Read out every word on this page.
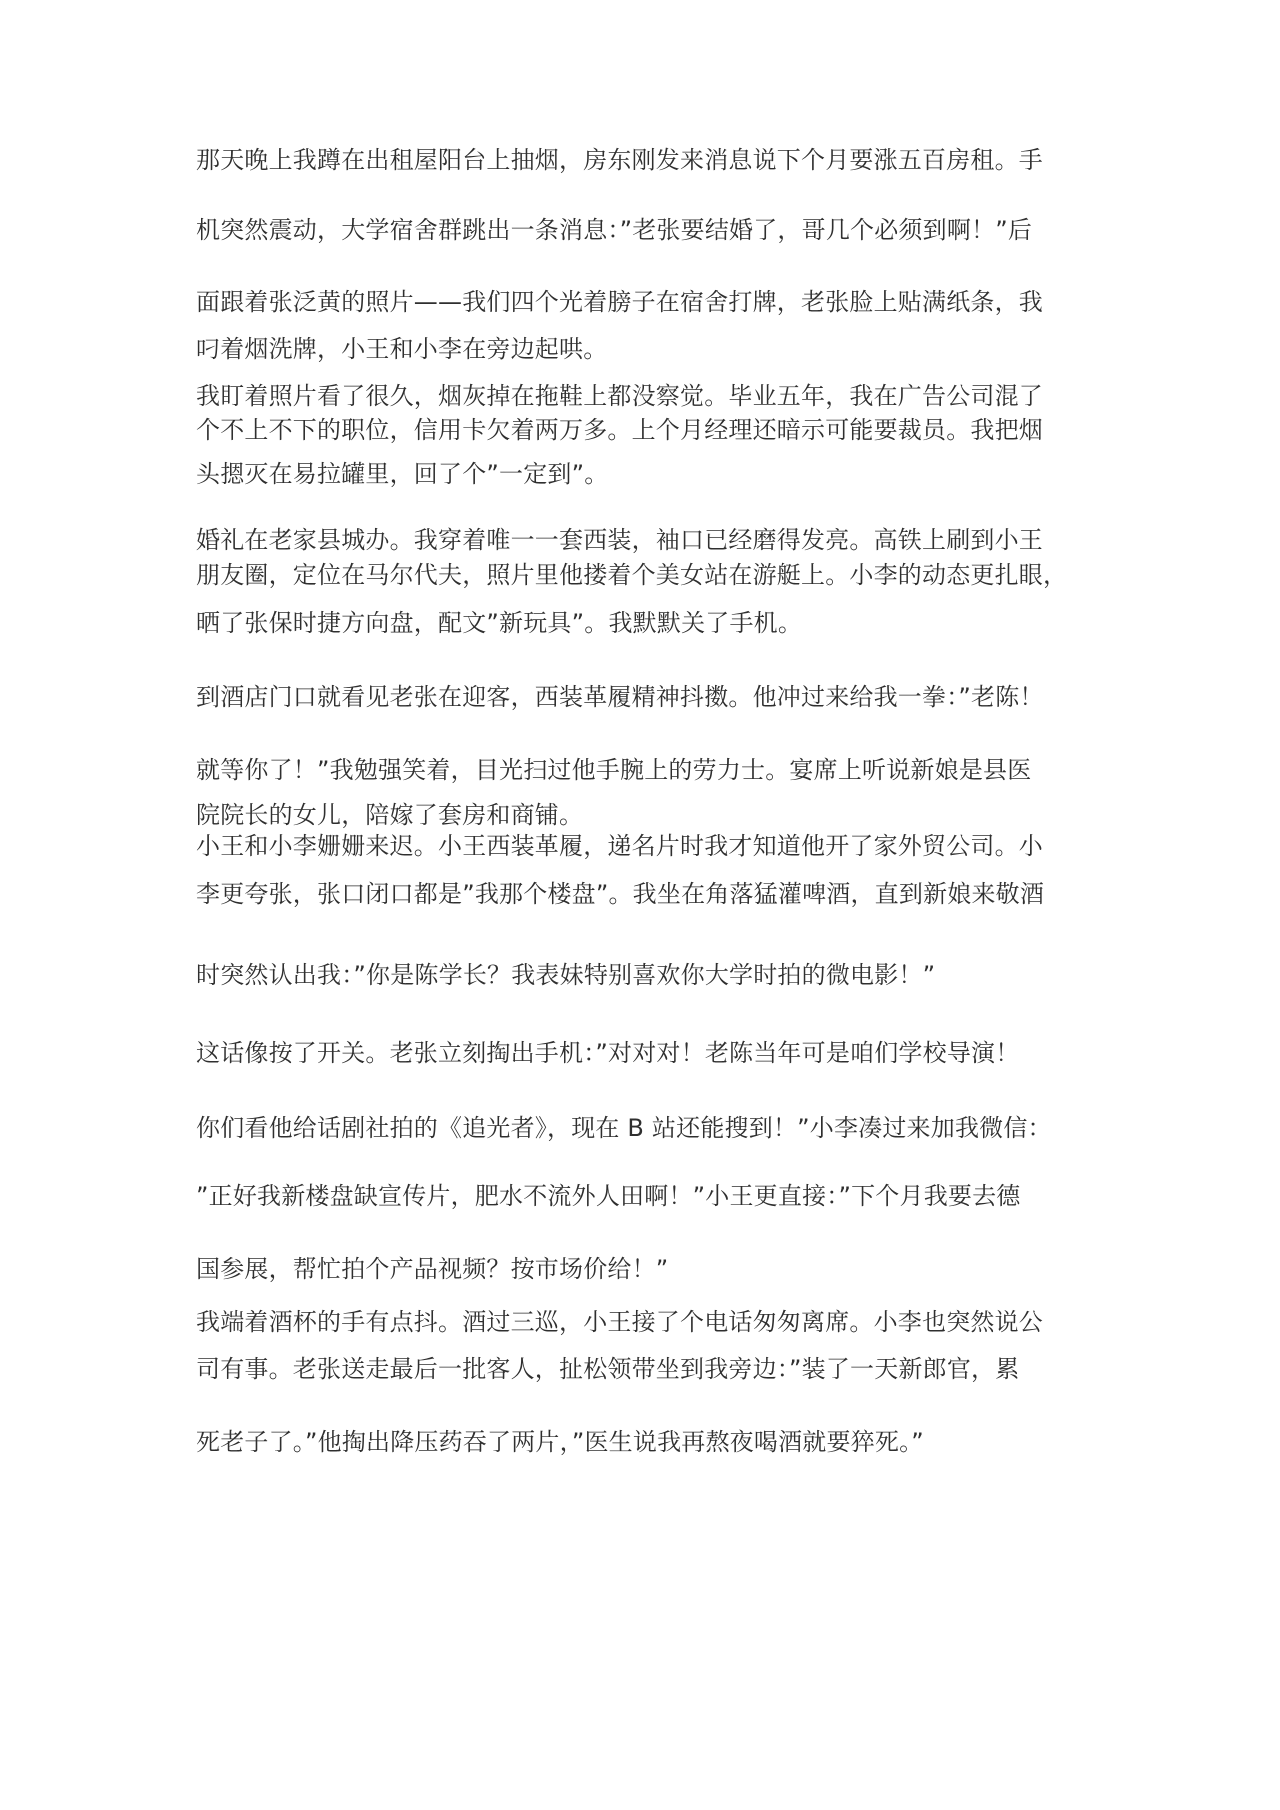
那天晚上我蹲在出租屋阳台上抽烟，房东刚发来消息说下个月要涨五百房租。手
机突然震动，大学宿舍群跳出一条消息：”老张要结婚了，哥几个必须到啊！”后
面跟着张泛黄的照片——我们四个光着膀子在宿舍打牌，老张脸上贴满纸条，我
叼着烟洗牌，小王和小李在旁边起哄。
我盯着照片看了很久，烟灰掉在拖鞋上都没察觉。毕业五年，我在广告公司混了
个不上不下的职位，信用卡欠着两万多。上个月经理还暗示可能要裁员。我把烟
头摁灭在易拉罐里，回了个”一定到”。
婚礼在老家县城办。我穿着唯一一套西装，袖口已经磨得发亮。高铁上刷到小王
朋友圈，定位在马尔代夫，照片里他搂着个美女站在游艇上。小李的动态更扎眼，
晒了张保时捷方向盘，配文”新玩具”。我默默关了手机。
到酒店门口就看见老张在迎客，西装革履精神抖擞。他冲过来给我一拳：”老陈！
就等你了！”我勉强笑着，目光扫过他手腕上的劳力士。宴席上听说新娘是县医
院院长的女儿，陪嫁了套房和商铺。
小王和小李姗姗来迟。小王西装革履，递名片时我才知道他开了家外贸公司。小
李更夸张，张口闭口都是”我那个楼盘”。我坐在角落猛灌啤酒，直到新娘来敬酒
时突然认出我：”你是陈学长？我表妹特别喜欢你大学时拍的微电影！”
这话像按了开关。老张立刻掏出手机：”对对对！老陈当年可是咱们学校导演！
你们看他给话剧社拍的《追光者》，现在 B 站还能搜到！”小李凑过来加我微信：
”正好我新楼盘缺宣传片，肥水不流外人田啊！”小王更直接：”下个月我要去德
国参展，帮忙拍个产品视频？按市场价给！”
我端着酒杯的手有点抖。酒过三巡，小王接了个电话匆匆离席。小李也突然说公
司有事。老张送走最后一批客人，扯松领带坐到我旁边：”装了一天新郎官，累
死老子了。”他掏出降压药吞了两片，”医生说我再熬夜喝酒就要猝死。”
